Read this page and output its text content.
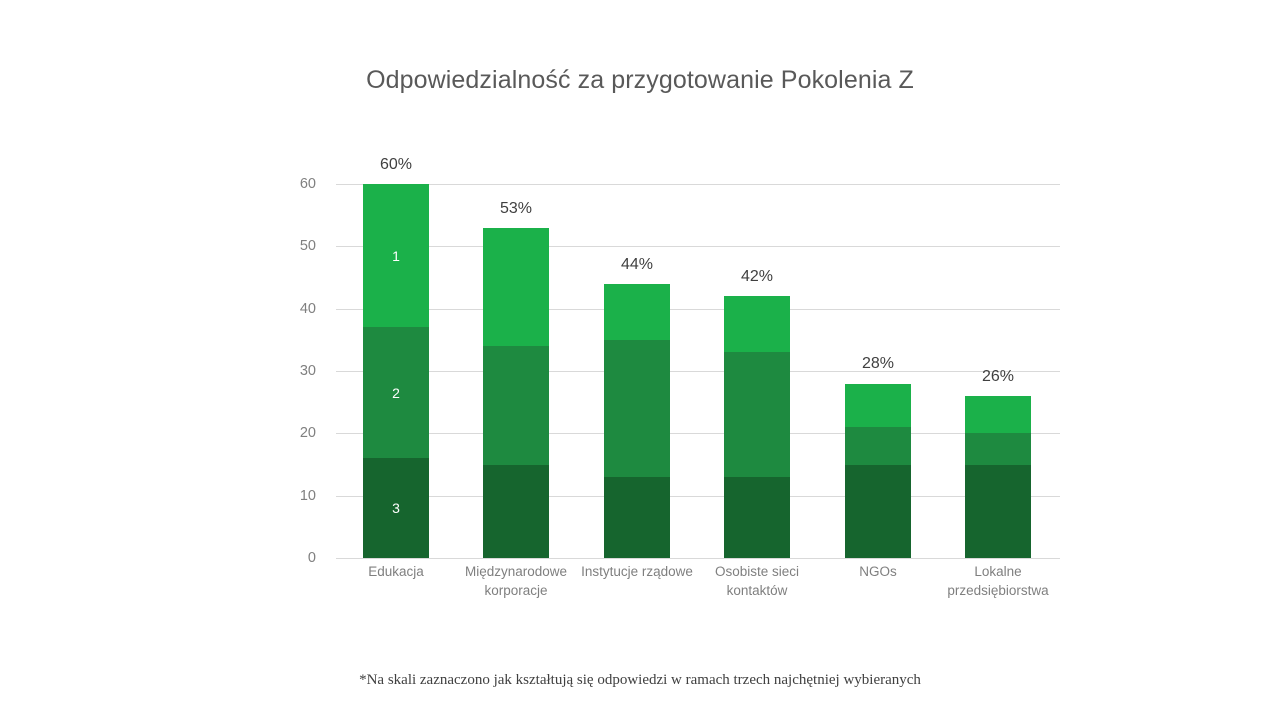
Odpowiedzialność za przygotowanie Pokolenia Z
60
50
40
30
20
10
0
60%
1
2
3
53%
44%
42%
28%
26%
Edukacja	Międzynarodowe korporacje
Instytucje rządowe	Osobiste sieci kontaktów
NGOs	Lokalne przedsiębiorstwa
*Na skali zaznaczono jak kształtują się odpowiedzi w ramach trzech najchętniej wybieranych
